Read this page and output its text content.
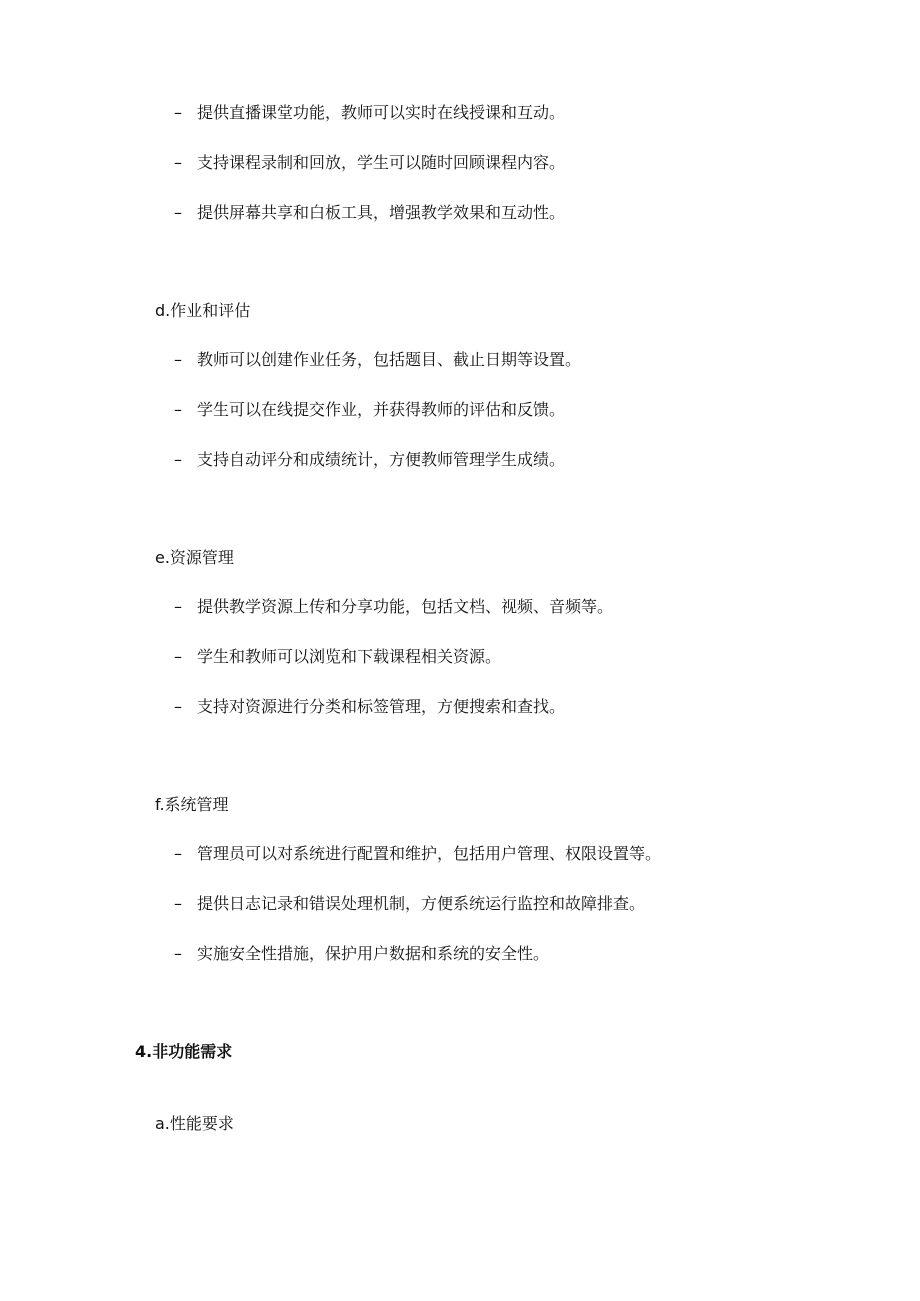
– 提供直播课堂功能，教师可以实时在线授课和互动。
– 支持课程录制和回放，学生可以随时回顾课程内容。
– 提供屏幕共享和白板工具，增强教学效果和互动性。
d.作业和评估
– 教师可以创建作业任务，包括题目、截止日期等设置。
– 学生可以在线提交作业，并获得教师的评估和反馈。
– 支持自动评分和成绩统计，方便教师管理学生成绩。
e.资源管理
– 提供教学资源上传和分享功能，包括文档、视频、音频等。
– 学生和教师可以浏览和下载课程相关资源。
– 支持对资源进行分类和标签管理，方便搜索和查找。
f.系统管理
– 管理员可以对系统进行配置和维护，包括用户管理、权限设置等。
– 提供日志记录和错误处理机制，方便系统运行监控和故障排查。
– 实施安全性措施，保护用户数据和系统的安全性。
4.非功能需求
a.性能要求
